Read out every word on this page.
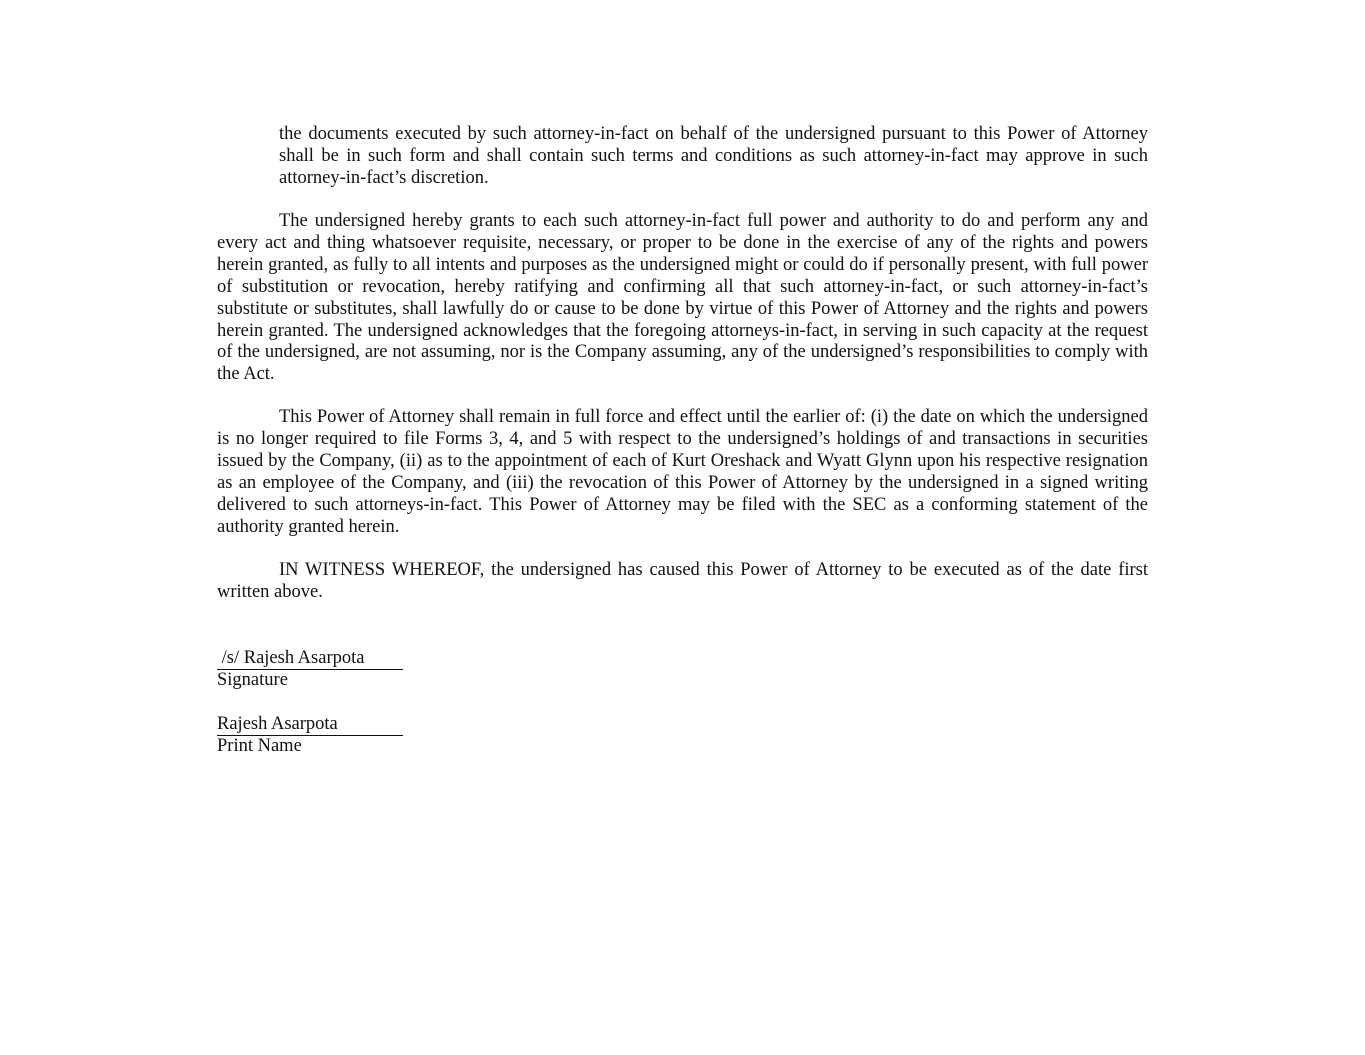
the documents executed by such attorney-in-fact on behalf of the undersigned pursuant to this Power of Attorney shall be in such form and shall contain such terms and conditions as such attorney-in-fact may approve in such attorney-in-fact’s discretion.

The undersigned hereby grants to each such attorney-in-fact full power and authority to do and perform any and every act and thing whatsoever requisite, necessary, or proper to be done in the exercise of any of the rights and powers herein granted, as fully to all intents and purposes as the undersigned might or could do if personally present, with full power of substitution or revocation, hereby ratifying and confirming all that such attorney-in-fact, or such attorney-in-fact’s substitute or substitutes, shall lawfully do or cause to be done by virtue of this Power of Attorney and the rights and powers herein granted. The undersigned acknowledges that the foregoing attorneys-in-fact, in serving in such capacity at the request of the undersigned, are not assuming, nor is the Company assuming, any of the undersigned’s responsibilities to comply with the Act.

This Power of Attorney shall remain in full force and effect until the earlier of: (i) the date on which the undersigned is no longer required to file Forms 3, 4, and 5 with respect to the undersigned’s holdings of and transactions in securities issued by the Company, (ii) as to the appointment of each of Kurt Oreshack and Wyatt Glynn upon his respective resignation as an employee of the Company, and (iii) the revocation of this Power of Attorney by the undersigned in a signed writing delivered to such attorneys-in-fact. This Power of Attorney may be filed with the SEC as a conforming statement of the authority granted herein.

IN WITNESS WHEREOF, the undersigned has caused this Power of Attorney to be executed as of the date first written above.

/s/ Rajesh Asarpota
Signature
Rajesh Asarpota
Print Name
